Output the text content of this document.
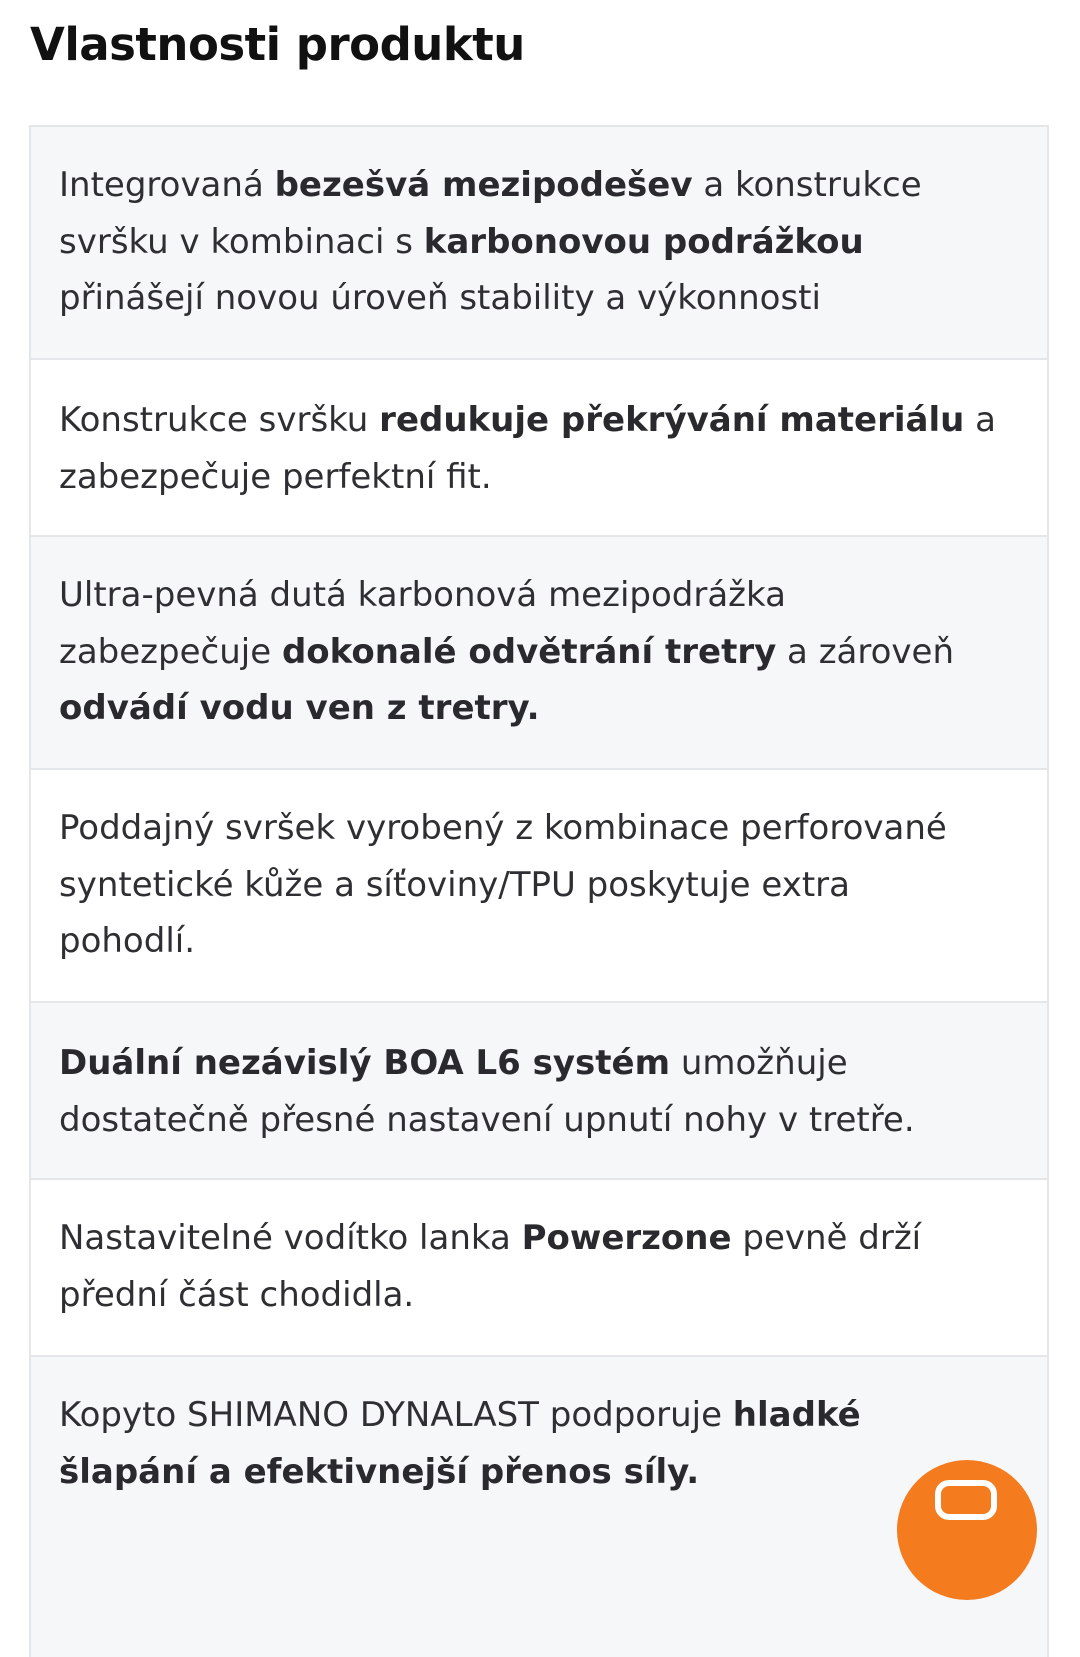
Vlastnosti produktu
Integrovaná bezešvá mezipodešev a konstrukce
svršku v kombinaci s karbonovou podrážkou
přinášejí novou úroveň stability a výkonnosti
Konstrukce svršku redukuje překrývání materiálu a
zabezpečuje perfektní fit.
Ultra-pevná dutá karbonová mezipodrážka
zabezpečuje dokonalé odvětrání tretry a zároveň
odvádí vodu ven z tretry.
Poddajný svršek vyrobený z kombinace perforované
syntetické kůže a síťoviny/TPU poskytuje extra
pohodlí.
Duální nezávislý BOA L6 systém umožňuje
dostatečně přesné nastavení upnutí nohy v tretře.
Nastavitelné vodítko lanka Powerzone pevně drží
přední část chodidla.
Kopyto SHIMANO DYNALAST podporuje hladké
šlapání a efektivnejší přenos síly.
